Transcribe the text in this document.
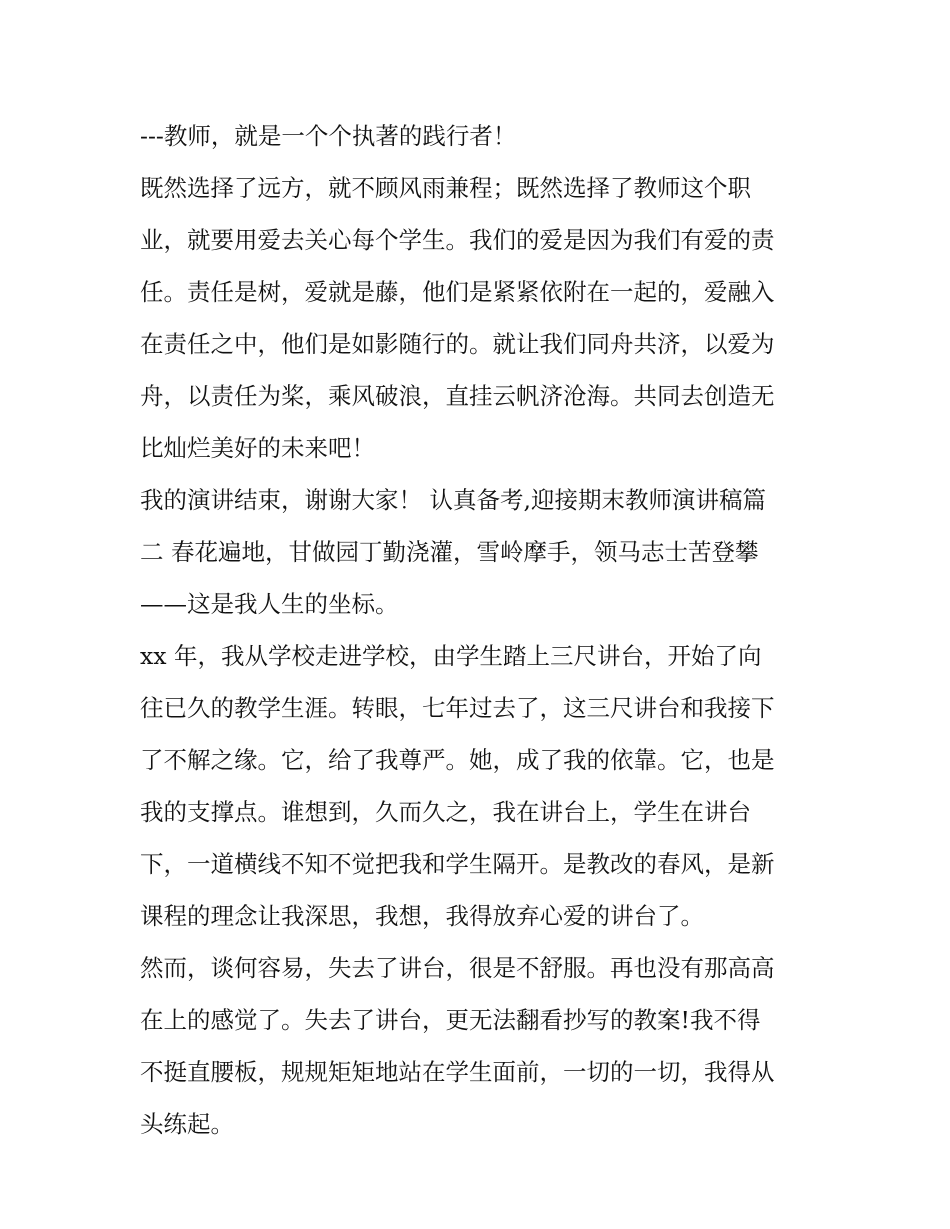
---教师，就是一个个执著的践行者！
既然选择了远方，就不顾风雨兼程；既然选择了教师这个职
业，就要用爱去关心每个学生。我们的爱是因为我们有爱的责
任。责任是树，爱就是藤，他们是紧紧依附在一起的，爱融入
在责任之中，他们是如影随行的。就让我们同舟共济，以爱为
舟，以责任为桨，乘风破浪，直挂云帆济沧海。共同去创造无
比灿烂美好的未来吧！
我的演讲结束，谢谢大家！ 认真备考,迎接期末教师演讲稿篇
二 春花遍地，甘做园丁勤浇灌，雪岭摩手，领马志士苦登攀
——这是我人生的坐标。
xx 年，我从学校走进学校，由学生踏上三尺讲台，开始了向
往已久的教学生涯。转眼，七年过去了，这三尺讲台和我接下
了不解之缘。它，给了我尊严。她，成了我的依靠。它，也是
我的支撑点。谁想到，久而久之，我在讲台上，学生在讲台
下，一道横线不知不觉把我和学生隔开。是教改的春风，是新
课程的理念让我深思，我想，我得放弃心爱的讲台了。
然而，谈何容易，失去了讲台，很是不舒服。再也没有那高高
在上的感觉了。失去了讲台，更无法翻看抄写的教案!我不得
不挺直腰板，规规矩矩地站在学生面前，一切的一切，我得从
头练起。
